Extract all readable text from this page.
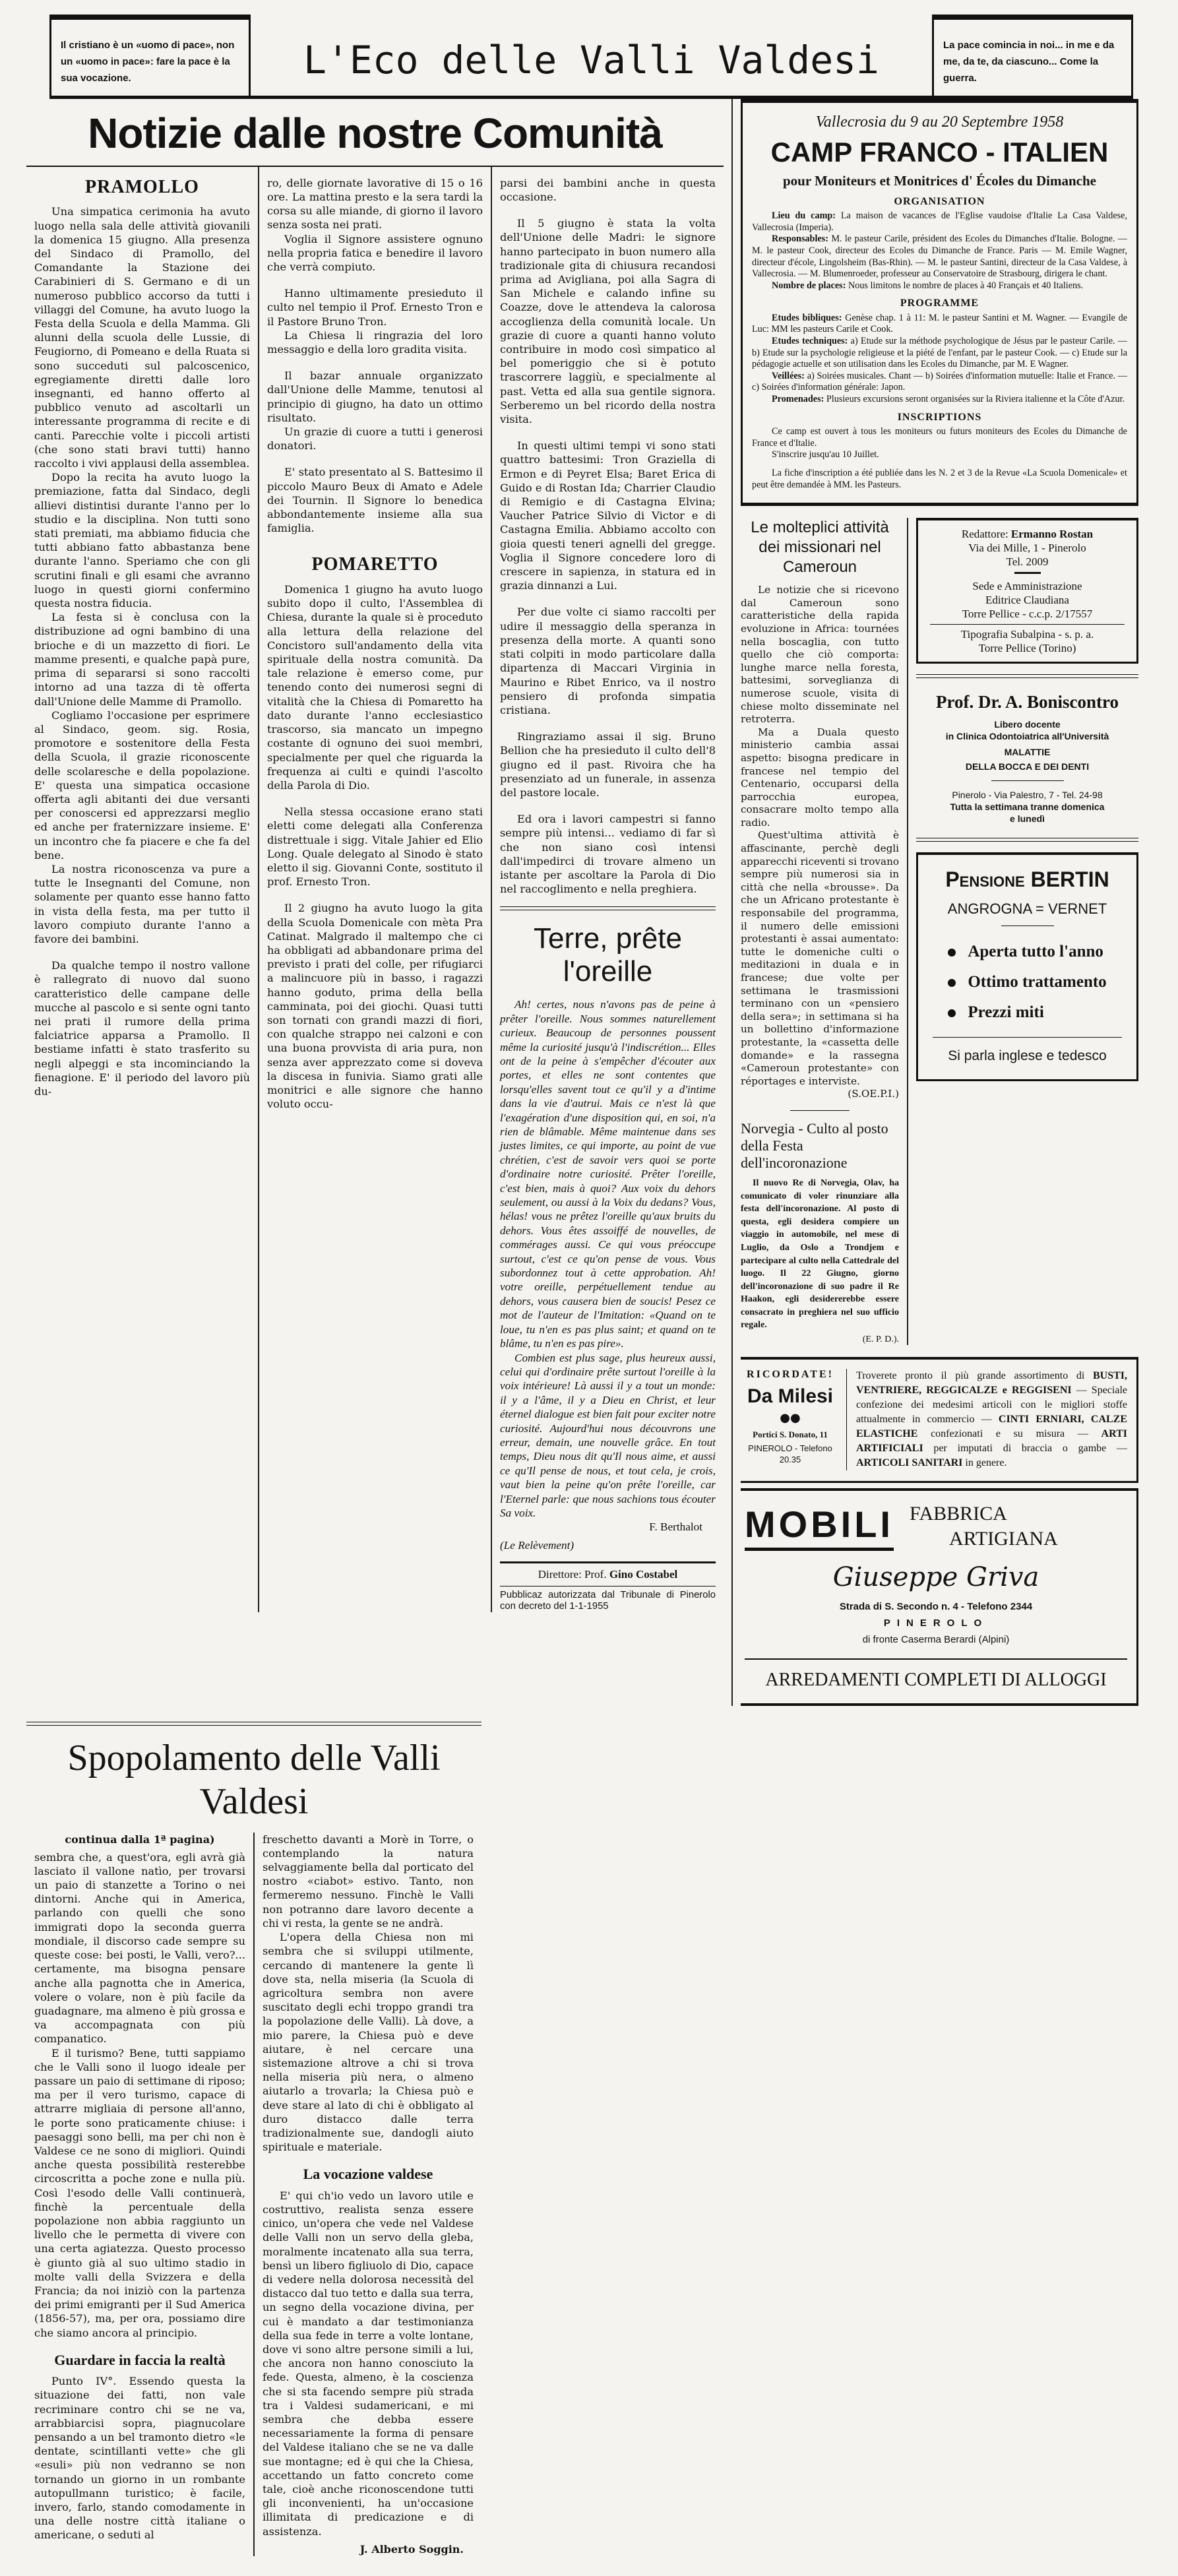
Il cristiano è un «uomo di pace», non un «uomo in pace»: fare la pace è la sua vocazione.	L'Eco delle Valli Valdesi	La pace comincia in noi... in me e da me, da te, da ciascuno... Come la guerra.
Notizie dalle nostre Comunità
PRAMOLLO

Una simpatica cerimonia ha avuto luogo nella sala delle attività giovanili la domenica 15 giugno. Alla presenza del Sindaco di Pramollo, del Comandante la Stazione dei Carabinieri di S. Germano e di un numeroso pubblico accorso da tutti i villaggi del Comune, ha avuto luogo la Festa della Scuola e della Mamma. Gli alunni della scuola delle Lussie, di Feugiorno, di Pomeano e della Ruata si sono succeduti sul palcoscenico, egregiamente diretti dalle loro insegnanti, ed hanno offerto al pubblico venuto ad ascoltarli un interessante programma di recite e di canti. Parecchie volte i piccoli artisti (che sono stati bravi tutti) hanno raccolto i vivi applausi della assemblea.

Dopo la recita ha avuto luogo la premiazione, fatta dal Sindaco, degli allievi distintisi durante l'anno per lo studio e la disciplina. Non tutti sono stati premiati, ma abbiamo fiducia che tutti abbiano fatto abbastanza bene durante l'anno. Speriamo che con gli scrutini finali e gli esami che avranno luogo in questi giorni confermino questa nostra fiducia.

La festa si è conclusa con la distribuzione ad ogni bambino di una brioche e di un mazzetto di fiori. Le mamme presenti, e qualche papà pure, prima di separarsi si sono raccolti intorno ad una tazza di tè offerta dall'Unione delle Mamme di Pramollo.

Cogliamo l'occasione per esprimere al Sindaco, geom. sig. Rosia, promotore e sostenitore della Festa della Scuola, il grazie riconoscente delle scolaresche e della popolazione. E' questa una simpatica occasione offerta agli abitanti dei due versanti per conoscersi ed apprezzarsi meglio ed anche per fraternizzare insieme. E' un incontro che fa piacere e che fa del bene.

La nostra riconoscenza va pure a tutte le Insegnanti del Comune, non solamente per quanto esse hanno fatto in vista della festa, ma per tutto il lavoro compiuto durante l'anno a favore dei bambini.

Da qualche tempo il nostro vallone è rallegrato di nuovo dal suono caratteristico delle campane delle mucche al pascolo e si sente ogni tanto nei prati il rumore della prima falciatrice apparsa a Pramollo. Il bestiame infatti è stato trasferito su negli alpeggi e sta incominciando la fienagione. E' il periodo del lavoro più du-

ro, delle giornate lavorative di 15 o 16 ore. La mattina presto e la sera tardi la corsa su alle miande, di giorno il lavoro senza sosta nei prati.

Voglia il Signore assistere ognuno nella propria fatica e benedire il lavoro che verrà compiuto.

Hanno ultimamente presieduto il culto nel tempio il Prof. Ernesto Tron e il Pastore Bruno Tron.

La Chiesa li ringrazia del loro messaggio e della loro gradita visita.

Il bazar annuale organizzato dall'Unione delle Mamme, tenutosi al principio di giugno, ha dato un ottimo risultato.

Un grazie di cuore a tutti i generosi donatori.

E' stato presentato al S. Battesimo il piccolo Mauro Beux di Amato e Adele dei Tournin. Il Signore lo benedica abbondantemente insieme alla sua famiglia.

POMARETTO

Domenica 1 giugno ha avuto luogo subito dopo il culto, l'Assemblea di Chiesa, durante la quale si è proceduto alla lettura della relazione del Concistoro sull'andamento della vita spirituale della nostra comunità. Da tale relazione è emerso come, pur tenendo conto dei numerosi segni di vitalità che la Chiesa di Pomaretto ha dato durante l'anno ecclesiastico trascorso, sia mancato un impegno costante di ognuno dei suoi membri, specialmente per quel che riguarda la frequenza ai culti e quindi l'ascolto della Parola di Dio.

Nella stessa occasione erano stati eletti come delegati alla Conferenza distrettuale i sigg. Vitale Jahier ed Elio Long. Quale delegato al Sinodo è stato eletto il sig. Giovanni Conte, sostituto il prof. Ernesto Tron.

Il 2 giugno ha avuto luogo la gita della Scuola Domenicale con mèta Pra Catinat. Malgrado il maltempo che ci ha obbligati ad abbandonare prima del previsto i prati del colle, per rifugiarci a malincuore più in basso, i ragazzi hanno goduto, prima della bella camminata, poi dei giochi. Quasi tutti son tornati con grandi mazzi di fiori, con qualche strappo nei calzoni e con una buona provvista di aria pura, non senza aver apprezzato come si doveva la discesa in funivia. Siamo grati alle monitrici e alle signore che hanno voluto occu-

parsi dei bambini anche in questa occasione.

Il 5 giugno è stata la volta dell'Unione delle Madri: le signore hanno partecipato in buon numero alla tradizionale gita di chiusura recandosi prima ad Avigliana, poi alla Sagra di San Michele e calando infine su Coazze, dove le attendeva la calorosa accoglienza della comunità locale. Un grazie di cuore a quanti hanno voluto contribuire in modo così simpatico al bel pomeriggio che si è potuto trascorrere laggiù, e specialmente al past. Vetta ed alla sua gentile signora. Serberemo un bel ricordo della nostra visita.

In questi ultimi tempi vi sono stati quattro battesimi: Tron Graziella di Ermon e di Peyret Elsa; Baret Erica di Guido e di Rostan Ida; Charrier Claudio di Remigio e di Castagna Elvina; Vaucher Patrice Silvio di Victor e di Castagna Emilia. Abbiamo accolto con gioia questi teneri agnelli del gregge. Voglia il Signore concedere loro di crescere in sapienza, in statura ed in grazia dinnanzi a Lui.

Per due volte ci siamo raccolti per udire il messaggio della speranza in presenza della morte. A quanti sono stati colpiti in modo particolare dalla dipartenza di Maccari Virginia in Maurino e Ribet Enrico, va il nostro pensiero di profonda simpatia cristiana.

Ringraziamo assai il sig. Bruno Bellion che ha presieduto il culto dell'8 giugno ed il past. Rivoira che ha presenziato ad un funerale, in assenza del pastore locale.

Ed ora i lavori campestri si fanno sempre più intensi... vediamo di far sì che non siano così intensi dall'impedirci di trovare almeno un istante per ascoltare la Parola di Dio nel raccoglimento e nella preghiera.

Terre, prête
l'oreille

Ah! certes, nous n'avons pas de peine à prêter l'oreille. Nous sommes naturellement curieux. Beaucoup de personnes poussent même la curiosité jusqu'à l'indiscrétion... Elles ont de la peine à s'empêcher d'écouter aux portes, et elles ne sont contentes que lorsqu'elles savent tout ce qu'il y a d'intime dans la vie d'autrui. Mais ce n'est là que l'exagération d'une disposition qui, en soi, n'a rien de blâmable. Même maintenue dans ses justes limites, ce qui importe, au point de vue chrétien, c'est de savoir vers quoi se porte d'ordinaire notre curiosité. Prêter l'oreille, c'est bien, mais à quoi? Aux voix du dehors seulement, ou aussi à la Voix du dedans? Vous, hélas! vous ne prêtez l'oreille qu'aux bruits du dehors. Vous êtes assoiffé de nouvelles, de commérages aussi. Ce qui vous préoccupe surtout, c'est ce qu'on pense de vous. Vous subordonnez tout à cette approbation. Ah! votre oreille, perpétuellement tendue au dehors, vous causera bien de soucis! Pesez ce mot de l'auteur de l'Imitation: «Quand on te loue, tu n'en es pas plus saint; et quand on te blâme, tu n'en es pas pire».

Combien est plus sage, plus heureux aussi, celui qui d'ordinaire prête surtout l'oreille à la voix intérieure! Là aussi il y a tout un monde: il y a l'âme, il y a Dieu en Christ, et leur éternel dialogue est bien fait pour exciter notre curiosité. Aujourd'hui nous découvrons une erreur, demain, une nouvelle grâce. En tout temps, Dieu nous dit qu'Il nous aime, et aussi ce qu'Il pense de nous, et tout cela, je crois, vaut bien la peine qu'on prête l'oreille, car l'Eternel parle: que nous sachions tous écouter Sa voix.

F. Berthalot
(Le Relèvement)
Direttore: Prof. Gino Costabel
Pubblicaz autorizzata dal Tribunale di Pinerolo con decreto del 1-1-1955
Vallecrosia du 9 au 20 Septembre 1958
CAMP FRANCO - ITALIEN
pour Moniteurs et Monitrices d' Écoles du Dimanche
ORGANISATION

Lieu du camp: La maison de vacances de l'Eglise vaudoise d'Italie La Casa Valdese, Vallecrosia (Imperia).

Responsables: M. le pasteur Carile, président des Ecoles du Dimanches d'Italie. Bologne. — M. le pasteur Cook, directeur des Ecoles du Dimanche de France. Paris — M. Emile Wagner, directeur d'école, Lingolsheim (Bas-Rhin). — M. le pasteur Santini, directeur de la Casa Valdese, à Vallecrosia. — M. Blumenroeder, professeur au Conservatoire de Strasbourg, dirigera le chant.

Nombre de places: Nous limitons le nombre de places à 40 Français et 40 Italiens.

PROGRAMME

Etudes bibliques: Genèse chap. 1 à 11: M. le pasteur Santini et M. Wagner. — Evangile de Luc: MM les pasteurs Carile et Cook.

Etudes techniques: a) Etude sur la méthode psychologique de Jésus par le pasteur Carile. — b) Etude sur la psychologie religieuse et la piété de l'enfant, par le pasteur Cook. — c) Etude sur la pédagogie actuelle et son utilisation dans les Ecoles du Dimanche, par M. E Wagner.

Veillées: a) Soirées musicales. Chant — b) Soirées d'information mutuelle: Italie et France. — c) Soirées d'information générale: Japon.

Promenades: Plusieurs excursions seront organisées sur la Riviera italienne et la Côte d'Azur.

INSCRIPTIONS

Ce camp est ouvert à tous les moniteurs ou futurs moniteurs des Ecoles du Dimanche de France et d'Italie.

S'inscrire jusqu'au 10 Juillet.

La fiche d'inscription a été publiée dans les N. 2 et 3 de la Revue «La Scuola Domenicale» et peut être demandée à MM. les Pasteurs.

Le molteplici attività
dei missionari nel Cameroun

Le notizie che si ricevono dal Cameroun sono caratteristiche della rapida evoluzione in Africa: tournées nella boscaglia, con tutto quello che ciò comporta: lunghe marce nella foresta, battesimi, sorveglianza di numerose scuole, visita di chiese molto disseminate nel retroterra.

Ma a Duala questo ministerio cambia assai aspetto: bisogna predicare in francese nel tempio del Centenario, occuparsi della parrocchia europea, consacrare molto tempo alla radio.

Quest'ultima attività è affascinante, perchè degli apparecchi riceventi si trovano sempre più numerosi sia in città che nella «brousse». Da che un Africano protestante è responsabile del programma, il numero delle emissioni protestanti è assai aumentato: tutte le domeniche culti o meditazioni in duala e in francese; due volte per settimana le trasmissioni terminano con un «pensiero della sera»; in settimana si ha un bollettino d'informazione protestante, la «cassetta delle domande» e la rassegna «Cameroun protestante» con réportages e interviste.

(S.OE.P.I.)
Norvegia - Culto al posto della Festa dell'incoronazione
Il nuovo Re di Norvegia, Olav, ha comunicato di voler rinunziare alla festa dell'incoronazione. Al posto di questa, egli desidera compiere un viaggio in automobile, nel mese di Luglio, da Oslo a Trondjem e partecipare al culto nella Cattedrale del luogo. Il 22 Giugno, giorno dell'incoronazione di suo padre il Re Haakon, egli desidererebbe essere consacrato in preghiera nel suo ufficio regale.
(E. P. D.).
Redattore: Ermanno Rostan
Via dei Mille, 1 - Pinerolo
Tel. 2009
Sede e Amministrazione
Editrice Claudiana
Torre Pellice - c.c.p. 2/17557
Tipografia Subalpina - s. p. a.
Torre Pellice (Torino)
Prof. Dr. A. Boniscontro
Libero docente
in Clinica Odontoiatrica all'Università
MALATTIE
DELLA BOCCA E DEI DENTI
Pinerolo - Via Palestro, 7 - Tel. 24-98
Tutta la settimana tranne domenica
e lunedì
Pensione BERTIN
ANGROGNA = VERNET
Aperta tutto l'anno
Ottimo trattamento
Prezzi miti
Si parla inglese e tedesco
RICORDATE!
Da Milesi
●●
Portici S. Donato, 11
PINEROLO - Telefono 20.35
Troverete pronto il più grande assortimento di BUSTI, VENTRIERE, REGGICALZE e REGGISENI — Speciale confezione dei medesimi articoli con le migliori stoffe attualmente in commercio — CINTI ERNIARI, CALZE ELASTICHE confezionati e su misura — ARTI ARTIFICIALI per imputati di braccia o gambe — ARTICOLI SANITARI in genere.
MOBILI FABBRICA
ARTIGIANA
Giuseppe Griva
Strada di S. Secondo n. 4 - Telefono 2344
PINEROLO
di fronte Caserma Berardi (Alpini)
ARREDAMENTI COMPLETI DI ALLOGGI
Spopolamento delle Valli Valdesi
continua dalla 1ª pagina)

sembra che, a quest'ora, egli avrà già lasciato il vallone natìo, per trovarsi un paio di stanzette a Torino o nei dintorni. Anche qui in America, parlando con quelli che sono immigrati dopo la seconda guerra mondiale, il discorso cade sempre su queste cose: bei posti, le Valli, vero?... certamente, ma bisogna pensare anche alla pagnotta che in America, volere o volare, non è più facile da guadagnare, ma almeno è più grossa e va accompagnata con più companatico.

E il turismo? Bene, tutti sappiamo che le Valli sono il luogo ideale per passare un paio di settimane di riposo; ma per il vero turismo, capace di attrarre migliaia di persone all'anno, le porte sono praticamente chiuse: i paesaggi sono belli, ma per chi non è Valdese ce ne sono di migliori. Quindi anche questa possibilità resterebbe circoscritta a poche zone e nulla più. Così l'esodo delle Valli continuerà, finchè la percentuale della popolazione non abbia raggiunto un livello che le permetta di vivere con una certa agiatezza. Questo processo è giunto già al suo ultimo stadio in molte valli della Svizzera e della Francia; da noi iniziò con la partenza dei primi emigranti per il Sud America (1856-57), ma, per ora, possiamo dire che siamo ancora al principio.

Guardare in faccia la realtà

Punto IV°. Essendo questa la situazione dei fatti, non vale recriminare contro chi se ne va, arrabbiarcisi sopra, piagnucolare pensando a un bel tramonto dietro «le dentate, scintillanti vette» che gli «esuli» più non vedranno se non tornando un giorno in un rombante autopullmann turistico; è facile, invero, farlo, stando comodamente in una delle nostre città italiane o americane, o seduti al

freschetto davanti a Morè in Torre, o contemplando la natura selvaggiamente bella dal porticato del nostro «ciabot» estivo. Tanto, non fermeremo nessuno. Finchè le Valli non potranno dare lavoro decente a chi vi resta, la gente se ne andrà.

L'opera della Chiesa non mi sembra che si sviluppi utilmente, cercando di mantenere la gente lì dove sta, nella miseria (la Scuola di agricoltura sembra non avere suscitato degli echi troppo grandi tra la popolazione delle Valli). Là dove, a mio parere, la Chiesa può e deve aiutare, è nel cercare una sistemazione altrove a chi si trova nella miseria più nera, o almeno aiutarlo a trovarla; la Chiesa può e deve stare al lato di chi è obbligato al duro distacco dalle terra tradizionalmente sue, dandogli aiuto spirituale e materiale.

La vocazione valdese

E' qui ch'io vedo un lavoro utile e costruttivo, realista senza essere cinico, un'opera che vede nel Valdese delle Valli non un servo della gleba, moralmente incatenato alla sua terra, bensì un libero figliuolo di Dio, capace di vedere nella dolorosa necessità del distacco dal tuo tetto e dalla sua terra, un segno della vocazione divina, per cui è mandato a dar testimonianza della sua fede in terre a volte lontane, dove vi sono altre persone simili a lui, che ancora non hanno conosciuto la fede. Questa, almeno, è la coscienza che si sta facendo sempre più strada tra i Valdesi sudamericani, e mi sembra che debba essere necessariamente la forma di pensare del Valdese italiano che se ne va dalle sue montagne; ed è qui che la Chiesa, accettando un fatto concreto come tale, cioè anche riconoscendone tutti gli inconvenienti, ha un'occasione illimitata di predicazione e di assistenza.

J. Alberto Soggin.
